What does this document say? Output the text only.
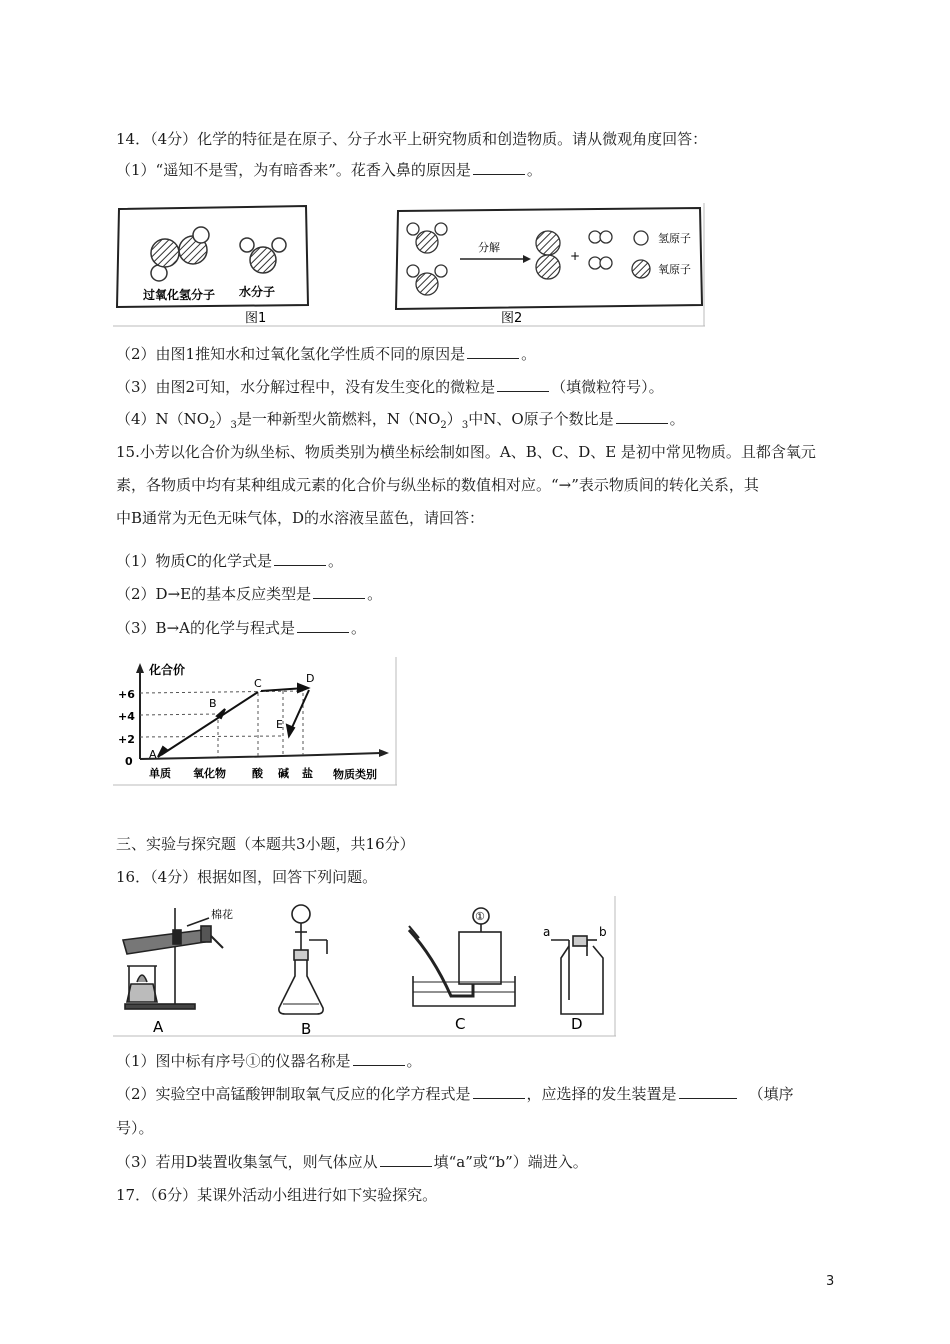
14．（4分）化学的特征是在原子、分子水平上研究物质和创造物质。请从微观角度回答：
（1）“遥知不是雪，为有暗香来”。花香入鼻的原因是	。
过氧化氢分子 水分子
图1
分解
+
氢原子
氧原子
图2
（2）由图1推知水和过氧化氢化学性质不同的原因是	。
（3）由图2可知，水分解过程中，没有发生变化的微粒是	（填微粒符号）。
$(4)N(NO_2)_3$是一种新型火箭燃料，$N(NO_2)_3$中N、O原子个数比是	。
15.小芳以化合价为纵坐标、物质类别为横坐标绘制如图。A、B、C、D、E 是初中常见物质。且都含氧元
素，各物质中均有某种组成元素的化合价与纵坐标的数值相对应。“→”表示物质间的转化关系，其
中B通常为无色无味气体，D的水溶液呈蓝色，请回答：
（1）物质C的化学式是	。
（2）D→E的基本反应类型是	。
（3）B→A的化学与程式是	。
化合价
+6
+4
+2
0
A
B
C	D
E
单质 氧化物 酸 碱 盐 物质类别
三、实验与探究题（本题共3小题，共16分）
16．（4分）根据如图，回答下列问题。
棉花	①
a	b
A	B	C	D
（1）图中标有序号①的仪器名称是	。
（2）实验空中高锰酸钾制取氧气反应的化学方程式是	，应选择的发生装置是	（填序
号）。
（3）若用D装置收集氢气，则气体应从	填“a”或“b”）端进入。
17．（6分）某课外活动小组进行如下实验探究。
3
